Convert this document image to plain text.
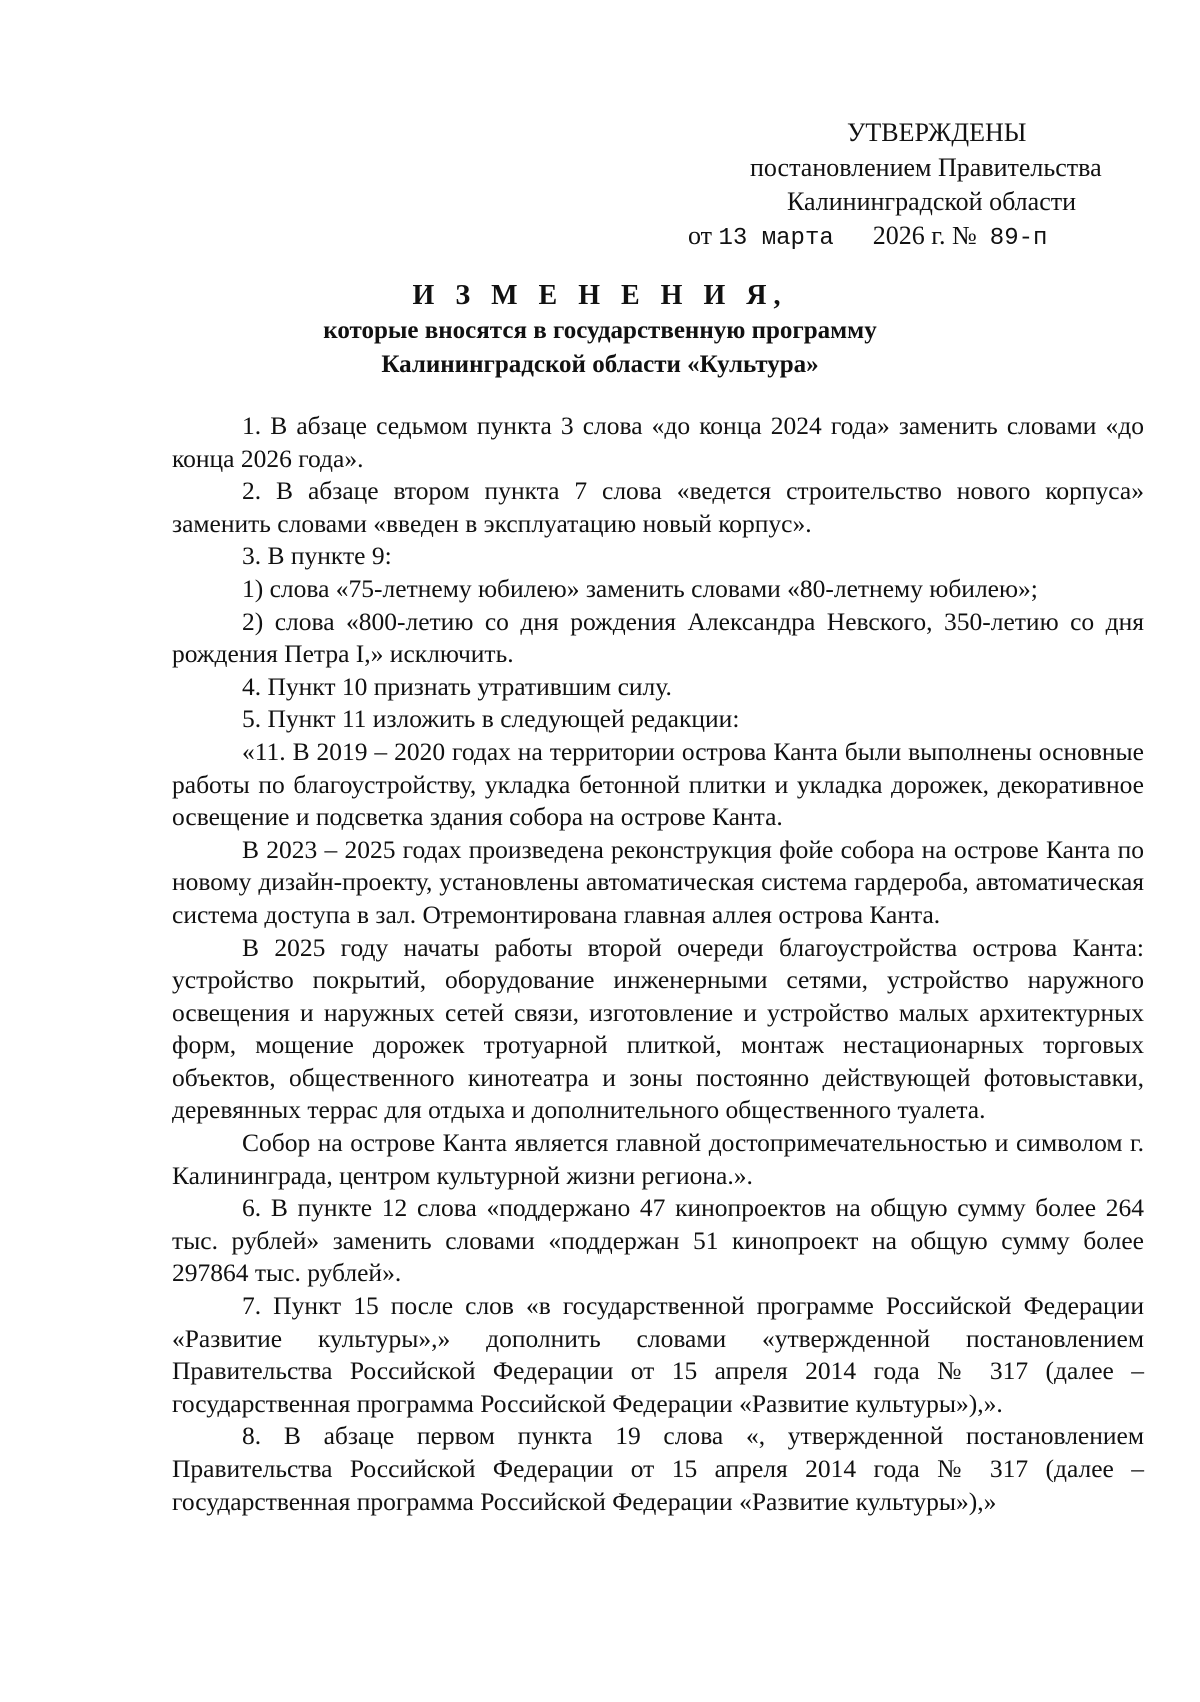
УТВЕРЖДЕНЫ
постановлением Правительства
Калининградской области
от 13 марта 2026 г. № 89-п
И З М Е Н Е Н И Я,
которые вносятся в государственную программу
Калининградской области «Культура»

1. В абзаце седьмом пункта 3 слова «до конца 2024 года» заменить словами «до конца 2026 года».

2. В абзаце втором пункта 7 слова «ведется строительство нового корпуса» заменить словами «введен в эксплуатацию новый корпус».

3. В пункте 9:

1) слова «75-летнему юбилею» заменить словами «80-летнему юбилею»;

2) слова «800-летию со дня рождения Александра Невского, 350-летию со дня рождения Петра I,» исключить.

4. Пункт 10 признать утратившим силу.

5. Пункт 11 изложить в следующей редакции:

«11. В 2019 – 2020 годах на территории острова Канта были выполнены основные работы по благоустройству, укладка бетонной плитки и укладка дорожек, декоративное освещение и подсветка здания собора на острове Канта.

В 2023 – 2025 годах произведена реконструкция фойе собора на острове Канта по новому дизайн-проекту, установлены автоматическая система гардероба, автоматическая система доступа в зал. Отремонтирована главная аллея острова Канта.

В 2025 году начаты работы второй очереди благоустройства острова Канта: устройство покрытий, оборудование инженерными сетями, устройство наружного освещения и наружных сетей связи, изготовление и устройство малых архитектурных форм, мощение дорожек тротуарной плиткой, монтаж нестационарных торговых объектов, общественного кинотеатра и зоны постоянно действующей фотовыставки, деревянных террас для отдыха и дополнительного общественного туалета.

Собор на острове Канта является главной достопримечательностью и символом г. Калининграда, центром культурной жизни региона.».

6. В пункте 12 слова «поддержано 47 кинопроектов на общую сумму более 264 тыс. рублей» заменить словами «поддержан 51 кинопроект на общую сумму более 297864 тыс. рублей».

7. Пункт 15 после слов «в государственной программе Российской Федерации «Развитие культуры»,» дополнить словами «утвержденной постановлением Правительства Российской Федерации от 15 апреля 2014 года № 317 (далее – государственная программа Российской Федерации «Развитие культуры»),».

8. В абзаце первом пункта 19 слова «, утвержденной постановлением Правительства Российской Федерации от 15 апреля 2014 года № 317 (далее – государственная программа Российской Федерации «Развитие культуры»),»
